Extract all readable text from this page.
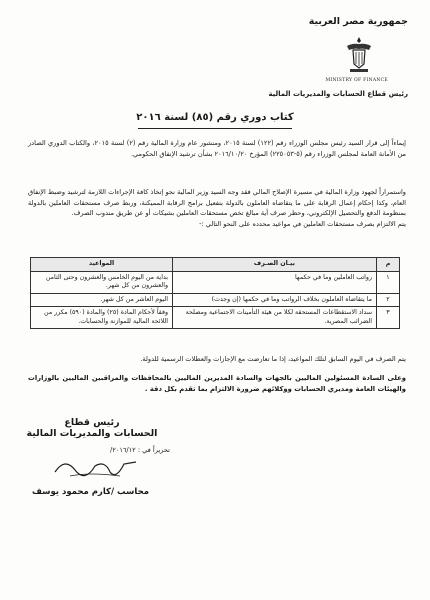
جمهورية مصر العربية
MINISTRY OF FINANCE
رئيس قطاع الحسابات والمديريات المالية
كتاب دوري رقم (٨٥) لسنة ٢٠١٦
إيماءاً إلى قرار السيد رئيس مجلس الوزراء رقم (١٢٢) لسنة ٢٠١٥، ومنشور عام وزارة المالية رقم (٢) لسنة ٢٠١٥، والكتاب الدوري الصادر من الأمانة العامة لمجلس الوزراء رقم (٥-٢٢٥٠٥٣) المؤرخ ٢٠١٦/١٠/٢٠ بشأن ترشيد الإنفاق الحكومي.
واستمراراً لجهود وزارة المالية في مسيرة الإصلاح المالي فقد وجه السيد وزير المالية نحو إتخاذ كافة الإجراءات اللازمة لترشيد وضبط الإنفاق العام، وكذا إحكام إعمال الرقابة على ما يتقاضاه العاملون بالدولة بتفعيل برامج الرقابة المميكنة، وربط صرف مستحقات العاملين بالدولة بمنظومة الدفع والتحصيل الإلكتروني، وحظر صرف أية مبالغ تخص مستحقات العاملين بشيكات أو عن طريق مندوب الصرف.
يتم الالتزام بصرف مستحقات العاملين في مواعيد محدده على النحو التالي :-
م	بيـان الصـرف	المواعيد
١	رواتب العاملين وما في حكمها	بداية من اليوم الخامس والعشرون وحتى الثامن والعشرون من كل شهر.
٢	ما يتقاضاه العاملون بخلاف الرواتب وما في حكمها (إن وجدت)	اليوم العاشر من كل شهر.
٣	سداد الاستقطاعات المستحقة لكلا من هيئة التأمينات الاجتماعية ومصلحة الضرائب المصرية.	وفقاً لأحكام المادة (٢٥) والمادة (٥٩٠) مكرر من اللائحة المالية للموازنة والحسابات.
يتم الصرف في اليوم السابق لتلك المواعيد، إذا ما تعارضت مع الإجازات والعطلات الرسمية للدولة.
وعلى السادة المسئولين الماليين بالجهات والسادة المديرين الماليين بالمحافظات والمراقبين الماليين بالوزارات والهيئات العامة ومديري الحسابات ووكلائهم ضرورة الالتزام بما تقدم بكل دقة .
رئيس قطاع
الحسابات والمديريات المالية
تحريراً في : ٢٠١٦/١٢/
محاسب /كارم محمود يوسف
